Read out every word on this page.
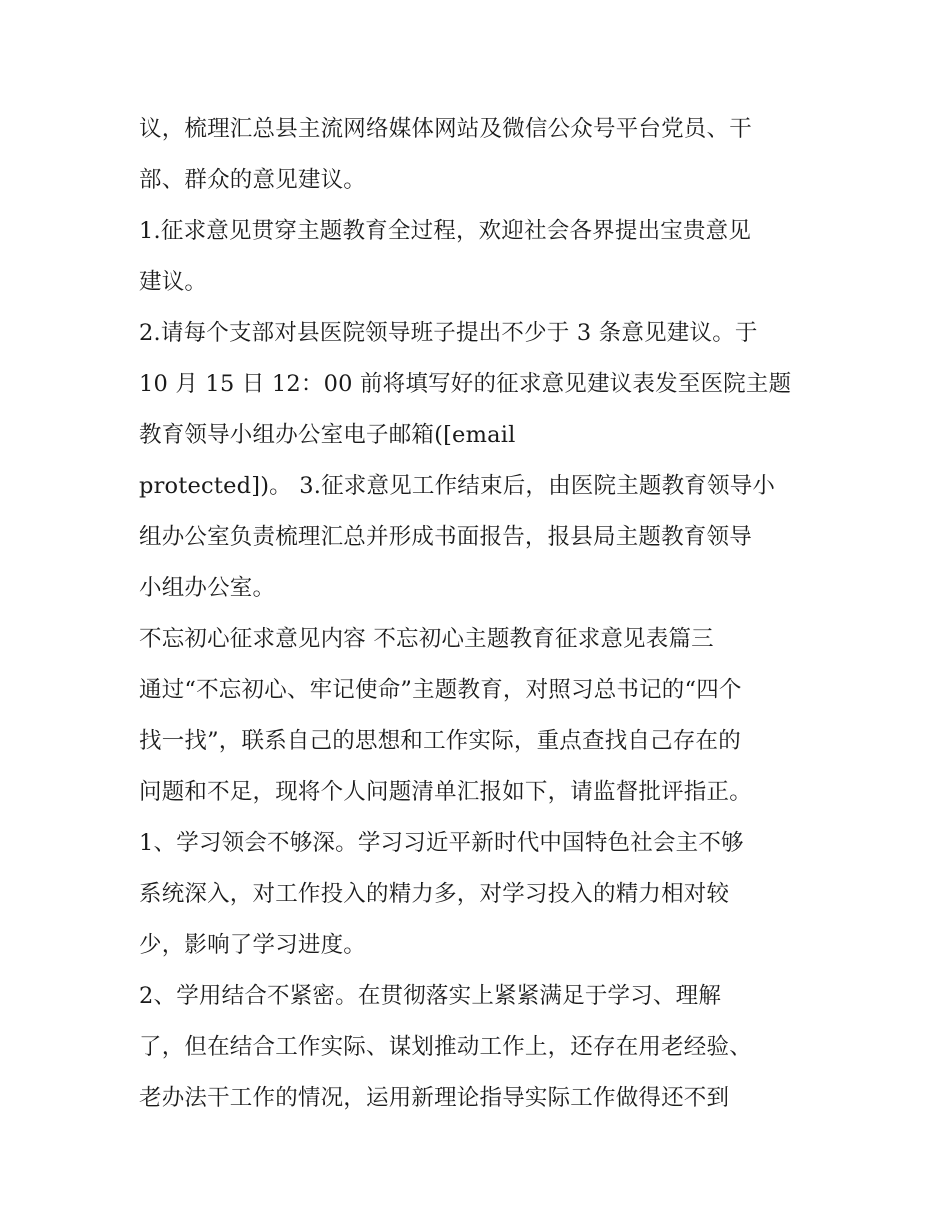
议，梳理汇总县主流网络媒体网站及微信公众号平台党员、干
部、群众的意见建议。
1.征求意见贯穿主题教育全过程，欢迎社会各界提出宝贵意见
建议。
2.请每个支部对县医院领导班子提出不少于 3 条意见建议。于
10 月 15 日 12：00 前将填写好的征求意见建议表发至医院主题
教育领导小组办公室电子邮箱([email
protected])。 3.征求意见工作结束后，由医院主题教育领导小
组办公室负责梳理汇总并形成书面报告，报县局主题教育领导
小组办公室。
不忘初心征求意见内容 不忘初心主题教育征求意见表篇三
通过“不忘初心、牢记使命”主题教育，对照习总书记的“四个
找一找”，联系自己的思想和工作实际，重点查找自己存在的
问题和不足，现将个人问题清单汇报如下，请监督批评指正。
1、学习领会不够深。学习习近平新时代中国特色社会主不够
系统深入，对工作投入的精力多，对学习投入的精力相对较
少，影响了学习进度。
2、学用结合不紧密。在贯彻落实上紧紧满足于学习、理解
了，但在结合工作实际、谋划推动工作上，还存在用老经验、
老办法干工作的情况，运用新理论指导实际工作做得还不到
